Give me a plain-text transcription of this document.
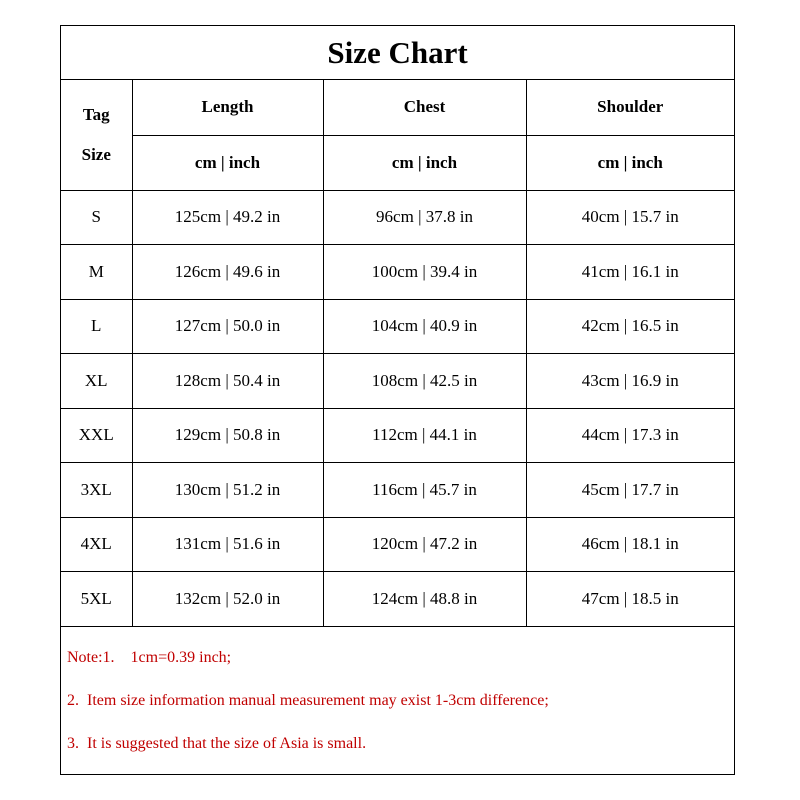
Size Chart
Tag
Size	Length	Chest	Shoulder
	cm | inch	cm | inch	cm | inch
S	125cm | 49.2 in	96cm | 37.8 in	40cm | 15.7 in
M	126cm | 49.6 in	100cm | 39.4 in	41cm | 16.1 in
L	127cm | 50.0 in	104cm | 40.9 in	42cm | 16.5 in
XL	128cm | 50.4 in	108cm | 42.5 in	43cm | 16.9 in
XXL	129cm | 50.8 in	112cm | 44.1 in	44cm | 17.3 in
3XL	130cm | 51.2 in	116cm | 45.7 in	45cm | 17.7 in
4XL	131cm | 51.6 in	120cm | 47.2 in	46cm | 18.1 in
5XL	132cm | 52.0 in	124cm | 48.8 in	47cm | 18.5 in
Note:1.    1cm=0.39 inch;
2.  Item size information manual measurement may exist 1-3cm difference;
3.  It is suggested that the size of Asia is small.
